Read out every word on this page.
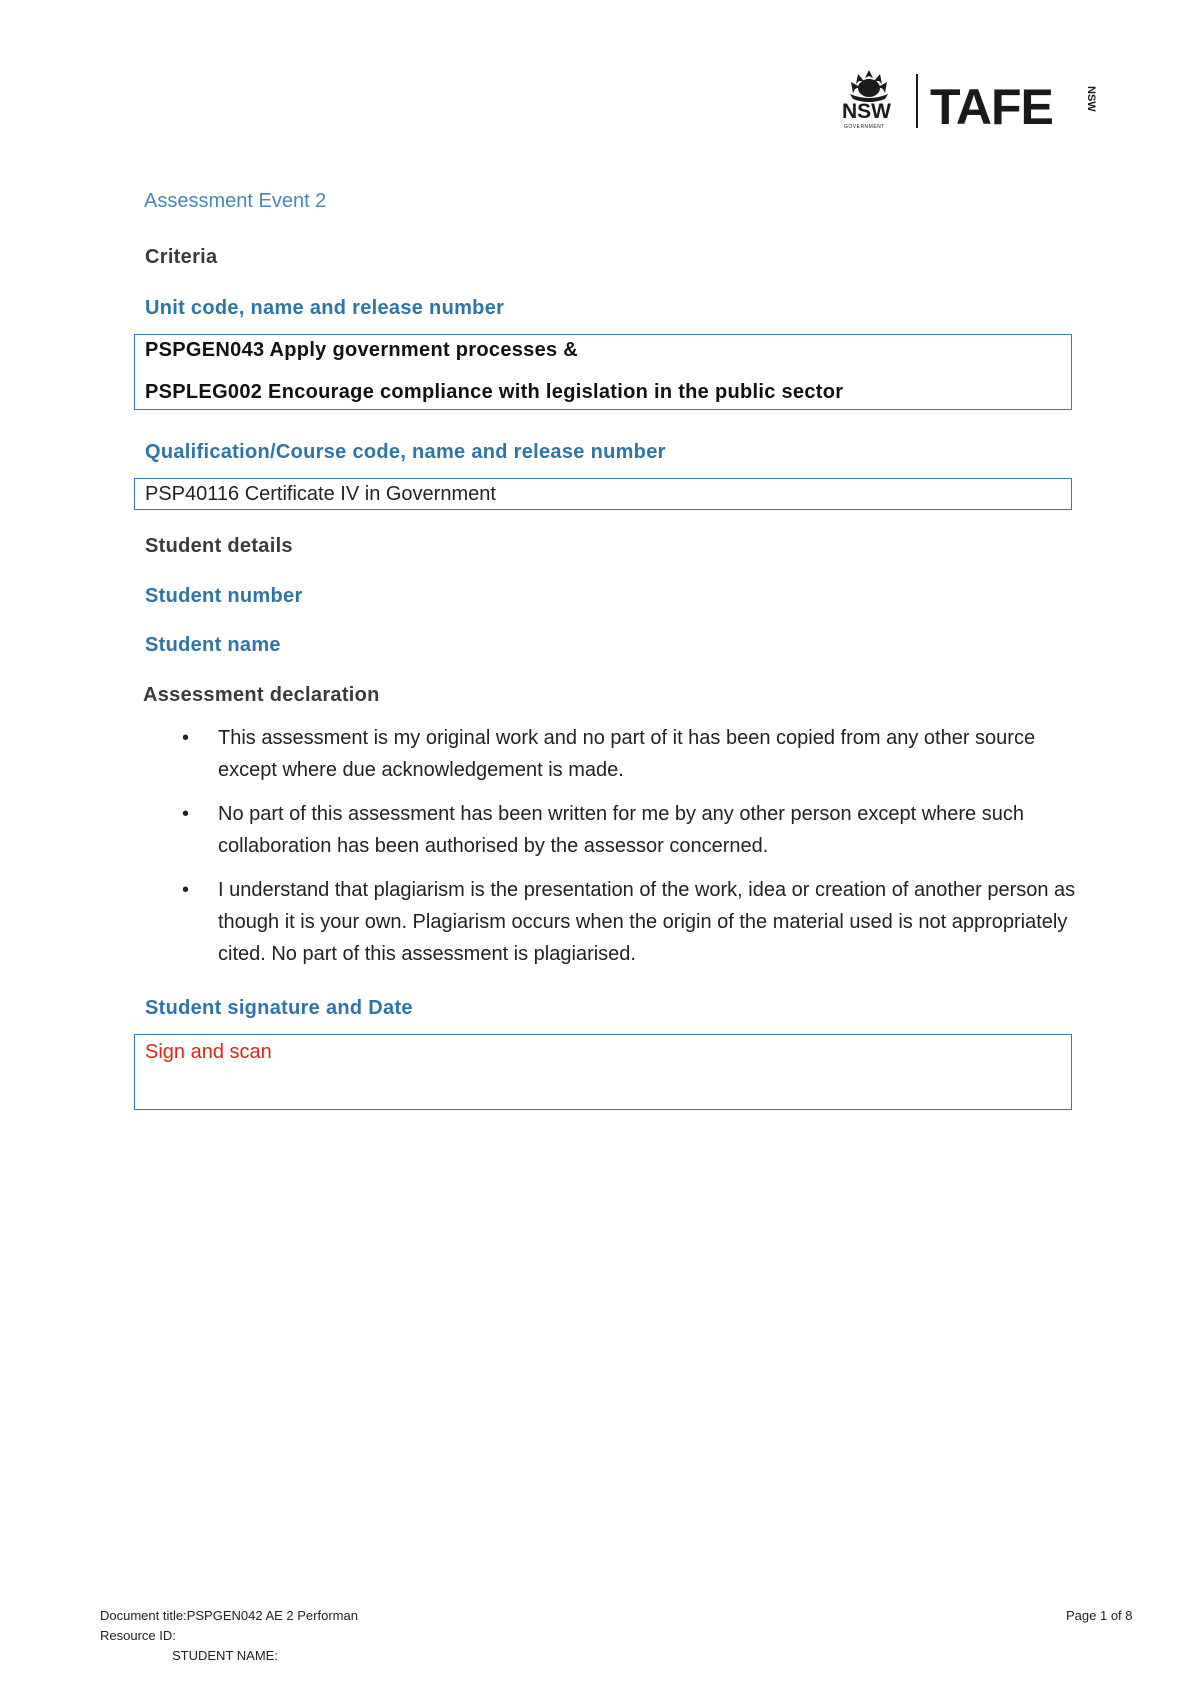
NSW
GOVERNMENT TAFE	NSW
Assessment Event 2
Criteria
Unit code, name and release number
PSPGEN043 Apply government processes &
PSPLEG002 Encourage compliance with legislation in the public sector
Qualification/Course code, name and release number
PSP40116 Certificate IV in Government
Student details
Student number
Student name
Assessment declaration
• This assessment is my original work and no part of it has been copied from any other source except where due acknowledgement is made.
• No part of this assessment has been written for me by any other person except where such collaboration has been authorised by the assessor concerned.
• I understand that plagiarism is the presentation of the work, idea or creation of another person as though it is your own. Plagiarism occurs when the origin of the material used is not appropriately cited. No part of this assessment is plagiarised.
Student signature and Date
Sign and scan
Document title:PSPGEN042 AE 2 Performan
Resource ID:
STUDENT NAME:
Page 1 of 8
